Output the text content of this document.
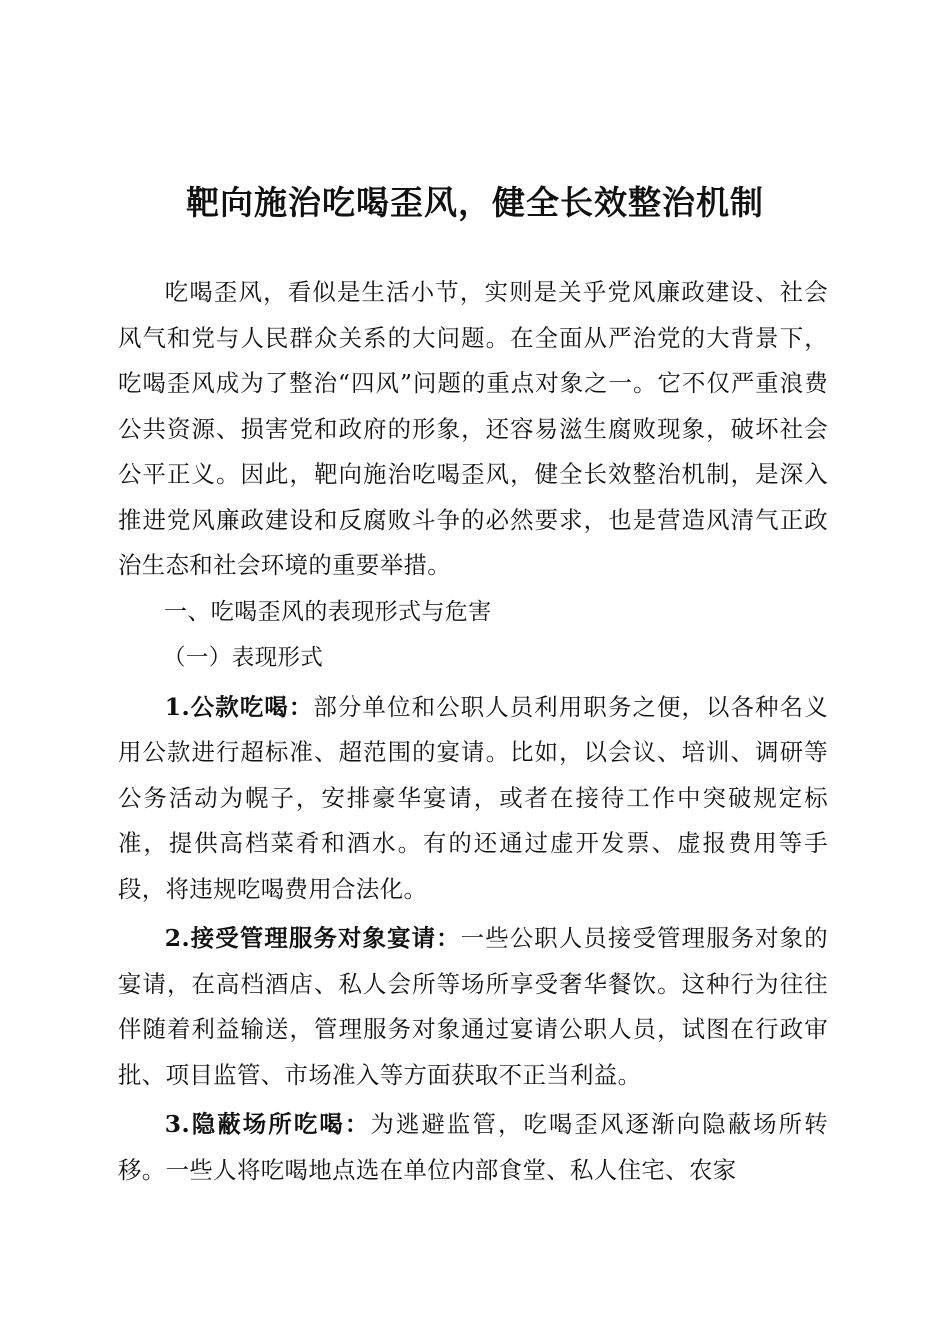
靶向施治吃喝歪风，健全长效整治机制

吃喝歪风，看似是生活小节，实则是关乎党风廉政建设、社会风气和党与人民群众关系的大问题。在全面从严治党的大背景下，吃喝歪风成为了整治“四风”问题的重点对象之一。它不仅严重浪费公共资源、损害党和政府的形象，还容易滋生腐败现象，破坏社会公平正义。因此，靶向施治吃喝歪风，健全长效整治机制，是深入推进党风廉政建设和反腐败斗争的必然要求，也是营造风清气正政治生态和社会环境的重要举措。

一、吃喝歪风的表现形式与危害

（一）表现形式

1.公款吃喝：部分单位和公职人员利用职务之便，以各种名义用公款进行超标准、超范围的宴请。比如，以会议、培训、调研等公务活动为幌子，安排豪华宴请，或者在接待工作中突破规定标准，提供高档菜肴和酒水。有的还通过虚开发票、虚报费用等手段，将违规吃喝费用合法化。

2.接受管理服务对象宴请：一些公职人员接受管理服务对象的宴请，在高档酒店、私人会所等场所享受奢华餐饮。这种行为往往伴随着利益输送，管理服务对象通过宴请公职人员，试图在行政审批、项目监管、市场准入等方面获取不正当利益。

3.隐蔽场所吃喝：为逃避监管，吃喝歪风逐渐向隐蔽场所转移。一些人将吃喝地点选在单位内部食堂、私人住宅、农家
